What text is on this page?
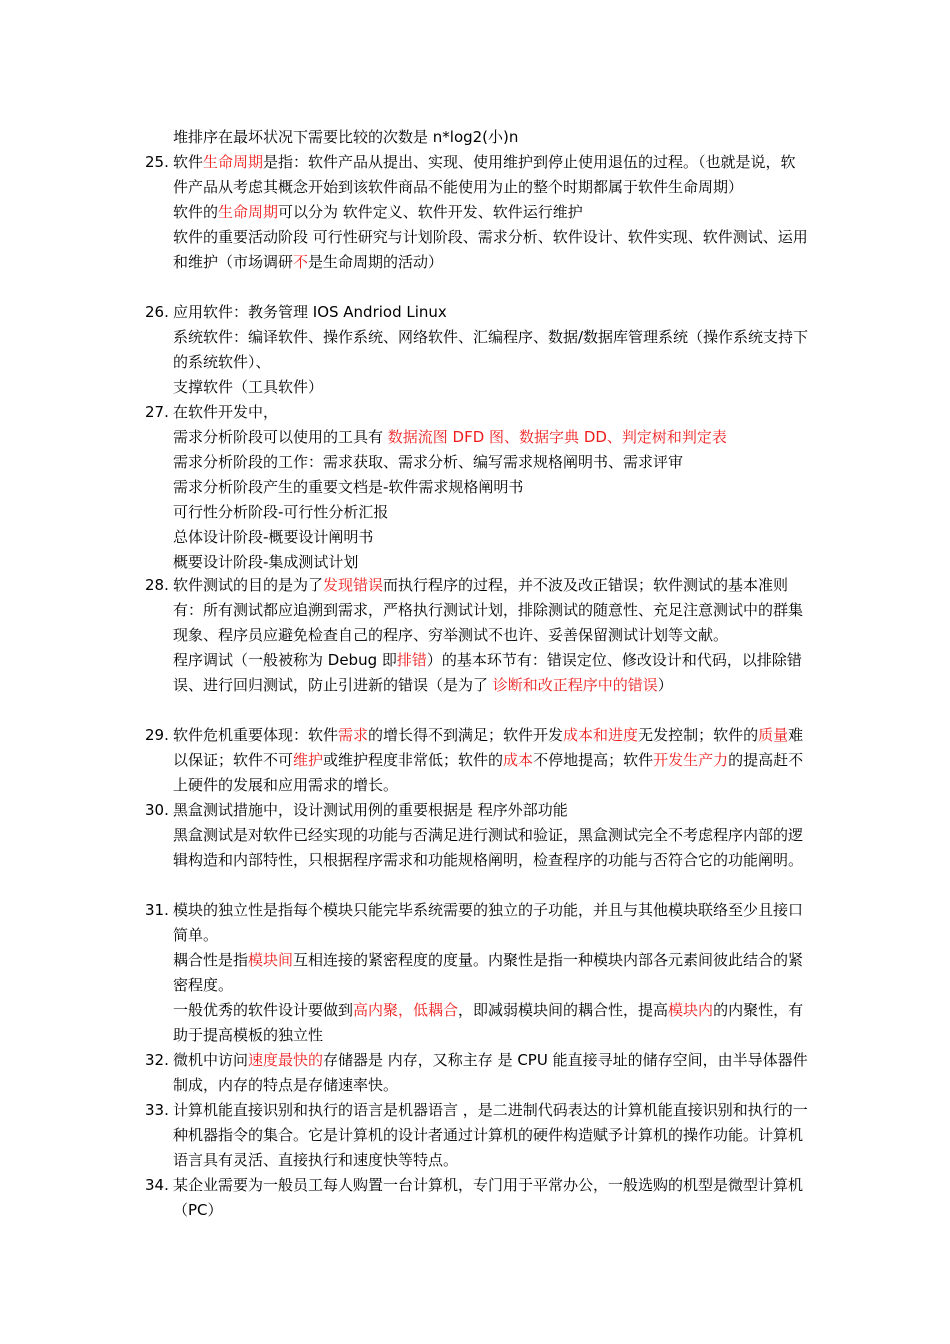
堆排序在最坏状况下需要比较的次数是 n*log2(小)n

25. 软件生命周期是指：软件产品从提出、实现、使用维护到停止使用退伍的过程。（也就是说，软件产品从考虑其概念开始到该软件商品不能使用为止的整个时期都属于软件生命周期）

软件的生命周期可以分为 软件定义、软件开发、软件运行维护

软件的重要活动阶段 可行性研究与计划阶段、需求分析、软件设计、软件实现、软件测试、运用和维护（市场调研不是生命周期的活动）

26. 应用软件：教务管理 IOS Andriod Linux

系统软件：编译软件、操作系统、网络软件、汇编程序、数据/数据库管理系统（操作系统支持下的系统软件）、

支撑软件（工具软件）

27. 在软件开发中，

需求分析阶段可以使用的工具有 数据流图 DFD 图、数据字典 DD、判定树和判定表

需求分析阶段的工作：需求获取、需求分析、编写需求规格阐明书、需求评审

需求分析阶段产生的重要文档是-软件需求规格阐明书

可行性分析阶段-可行性分析汇报

总体设计阶段-概要设计阐明书

概要设计阶段-集成测试计划

28. 软件测试的目的是为了发现错误而执行程序的过程，并不波及改正错误；软件测试的基本准则有：所有测试都应追溯到需求，严格执行测试计划，排除测试的随意性、充足注意测试中的群集现象、程序员应避免检查自己的程序、穷举测试不也许、妥善保留测试计划等文献。

程序调试（一般被称为 Debug 即排错）的基本环节有：错误定位、修改设计和代码，以排除错误、进行回归测试，防止引进新的错误（是为了 诊断和改正程序中的错误）

29. 软件危机重要体现：软件需求的增长得不到满足；软件开发成本和进度无发控制；软件的质量难以保证；软件不可维护或维护程度非常低；软件的成本不停地提高；软件开发生产力的提高赶不上硬件的发展和应用需求的增长。

30. 黑盒测试措施中，设计测试用例的重要根据是 程序外部功能

黑盒测试是对软件已经实现的功能与否满足进行测试和验证，黑盒测试完全不考虑程序内部的逻辑构造和内部特性，只根据程序需求和功能规格阐明，检查程序的功能与否符合它的功能阐明。

31. 模块的独立性是指每个模块只能完毕系统需要的独立的子功能，并且与其他模块联络至少且接口简单。

耦合性是指模块间互相连接的紧密程度的度量。内聚性是指一种模块内部各元素间彼此结合的紧密程度。

一般优秀的软件设计要做到高内聚，低耦合，即减弱模块间的耦合性，提高模块内的内聚性，有助于提高模板的独立性

32. 微机中访问速度最快的存储器是 内存，又称主存 是 CPU 能直接寻址的储存空间，由半导体器件制成，内存的特点是存储速率快。

33. 计算机能直接识别和执行的语言是机器语言 ，是二进制代码表达的计算机能直接识别和执行的一种机器指令的集合。它是计算机的设计者通过计算机的硬件构造赋予计算机的操作功能。计算机语言具有灵活、直接执行和速度快等特点。

34. 某企业需要为一般员工每人购置一台计算机，专门用于平常办公，一般选购的机型是微型计算机（PC）
